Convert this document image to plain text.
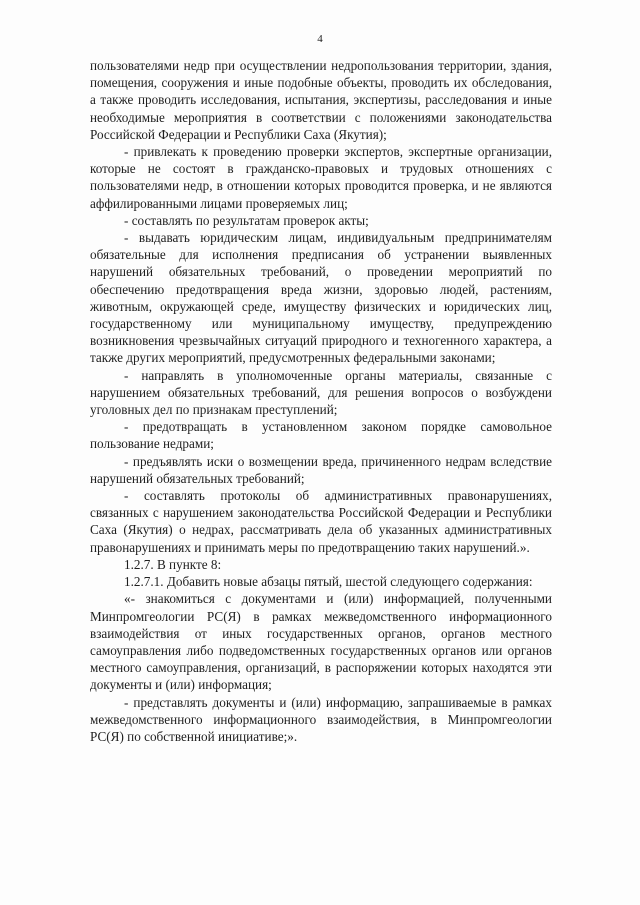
4

пользователями недр при осуществлении недропользования территории, здания, помещения, сооружения и иные подобные объекты, проводить их обследования, а также проводить исследования, испытания, экспертизы, расследования и иные необходимые мероприятия в соответствии с положениями законодательства Российской Федерации и Республики Саха (Якутия);

- привлекать к проведению проверки экспертов, экспертные организации, которые не состоят в гражданско-правовых и трудовых отношениях с пользователями недр, в отношении которых проводится проверка, и не являются аффилированными лицами проверяемых лиц;

- составлять по результатам проверок акты;

- выдавать юридическим лицам, индивидуальным предпринимателям обязательные для исполнения предписания об устранении выявленных нарушений обязательных требований, о проведении мероприятий по обеспечению предотвращения вреда жизни, здоровью людей, растениям, животным, окружающей среде, имуществу физических и юридических лиц, государственному или муниципальному имуществу, предупреждению возникновения чрезвычайных ситуаций природного и техногенного характера, а также других мероприятий, предусмотренных федеральными законами;

- направлять в уполномоченные органы материалы, связанные с нарушением обязательных требований, для решения вопросов о возбуждени уголовных дел по признакам преступлений;

- предотвращать в установленном законом порядке самовольное пользование недрами;

- предъявлять иски о возмещении вреда, причиненного недрам вследствие нарушений обязательных требований;

- составлять протоколы об административных правонарушениях, связанных с нарушением законодательства Российской Федерации и Республики Саха (Якутия) о недрах, рассматривать дела об указанных административных правонарушениях и принимать меры по предотвращению таких нарушений.».

1.2.7. В пункте 8:

1.2.7.1. Добавить новые абзацы пятый, шестой следующего содержания:

«- знакомиться с документами и (или) информацией, полученными Минпромгеологии РС(Я) в рамках межведомственного информационного взаимодействия от иных государственных органов, органов местного самоуправления либо подведомственных государственных органов или органов местного самоуправления, организаций, в распоряжении которых находятся эти документы и (или) информация;

- представлять документы и (или) информацию, запрашиваемые в рамках межведомственного информационного взаимодействия, в Минпромгеологии РС(Я) по собственной инициативе;».
